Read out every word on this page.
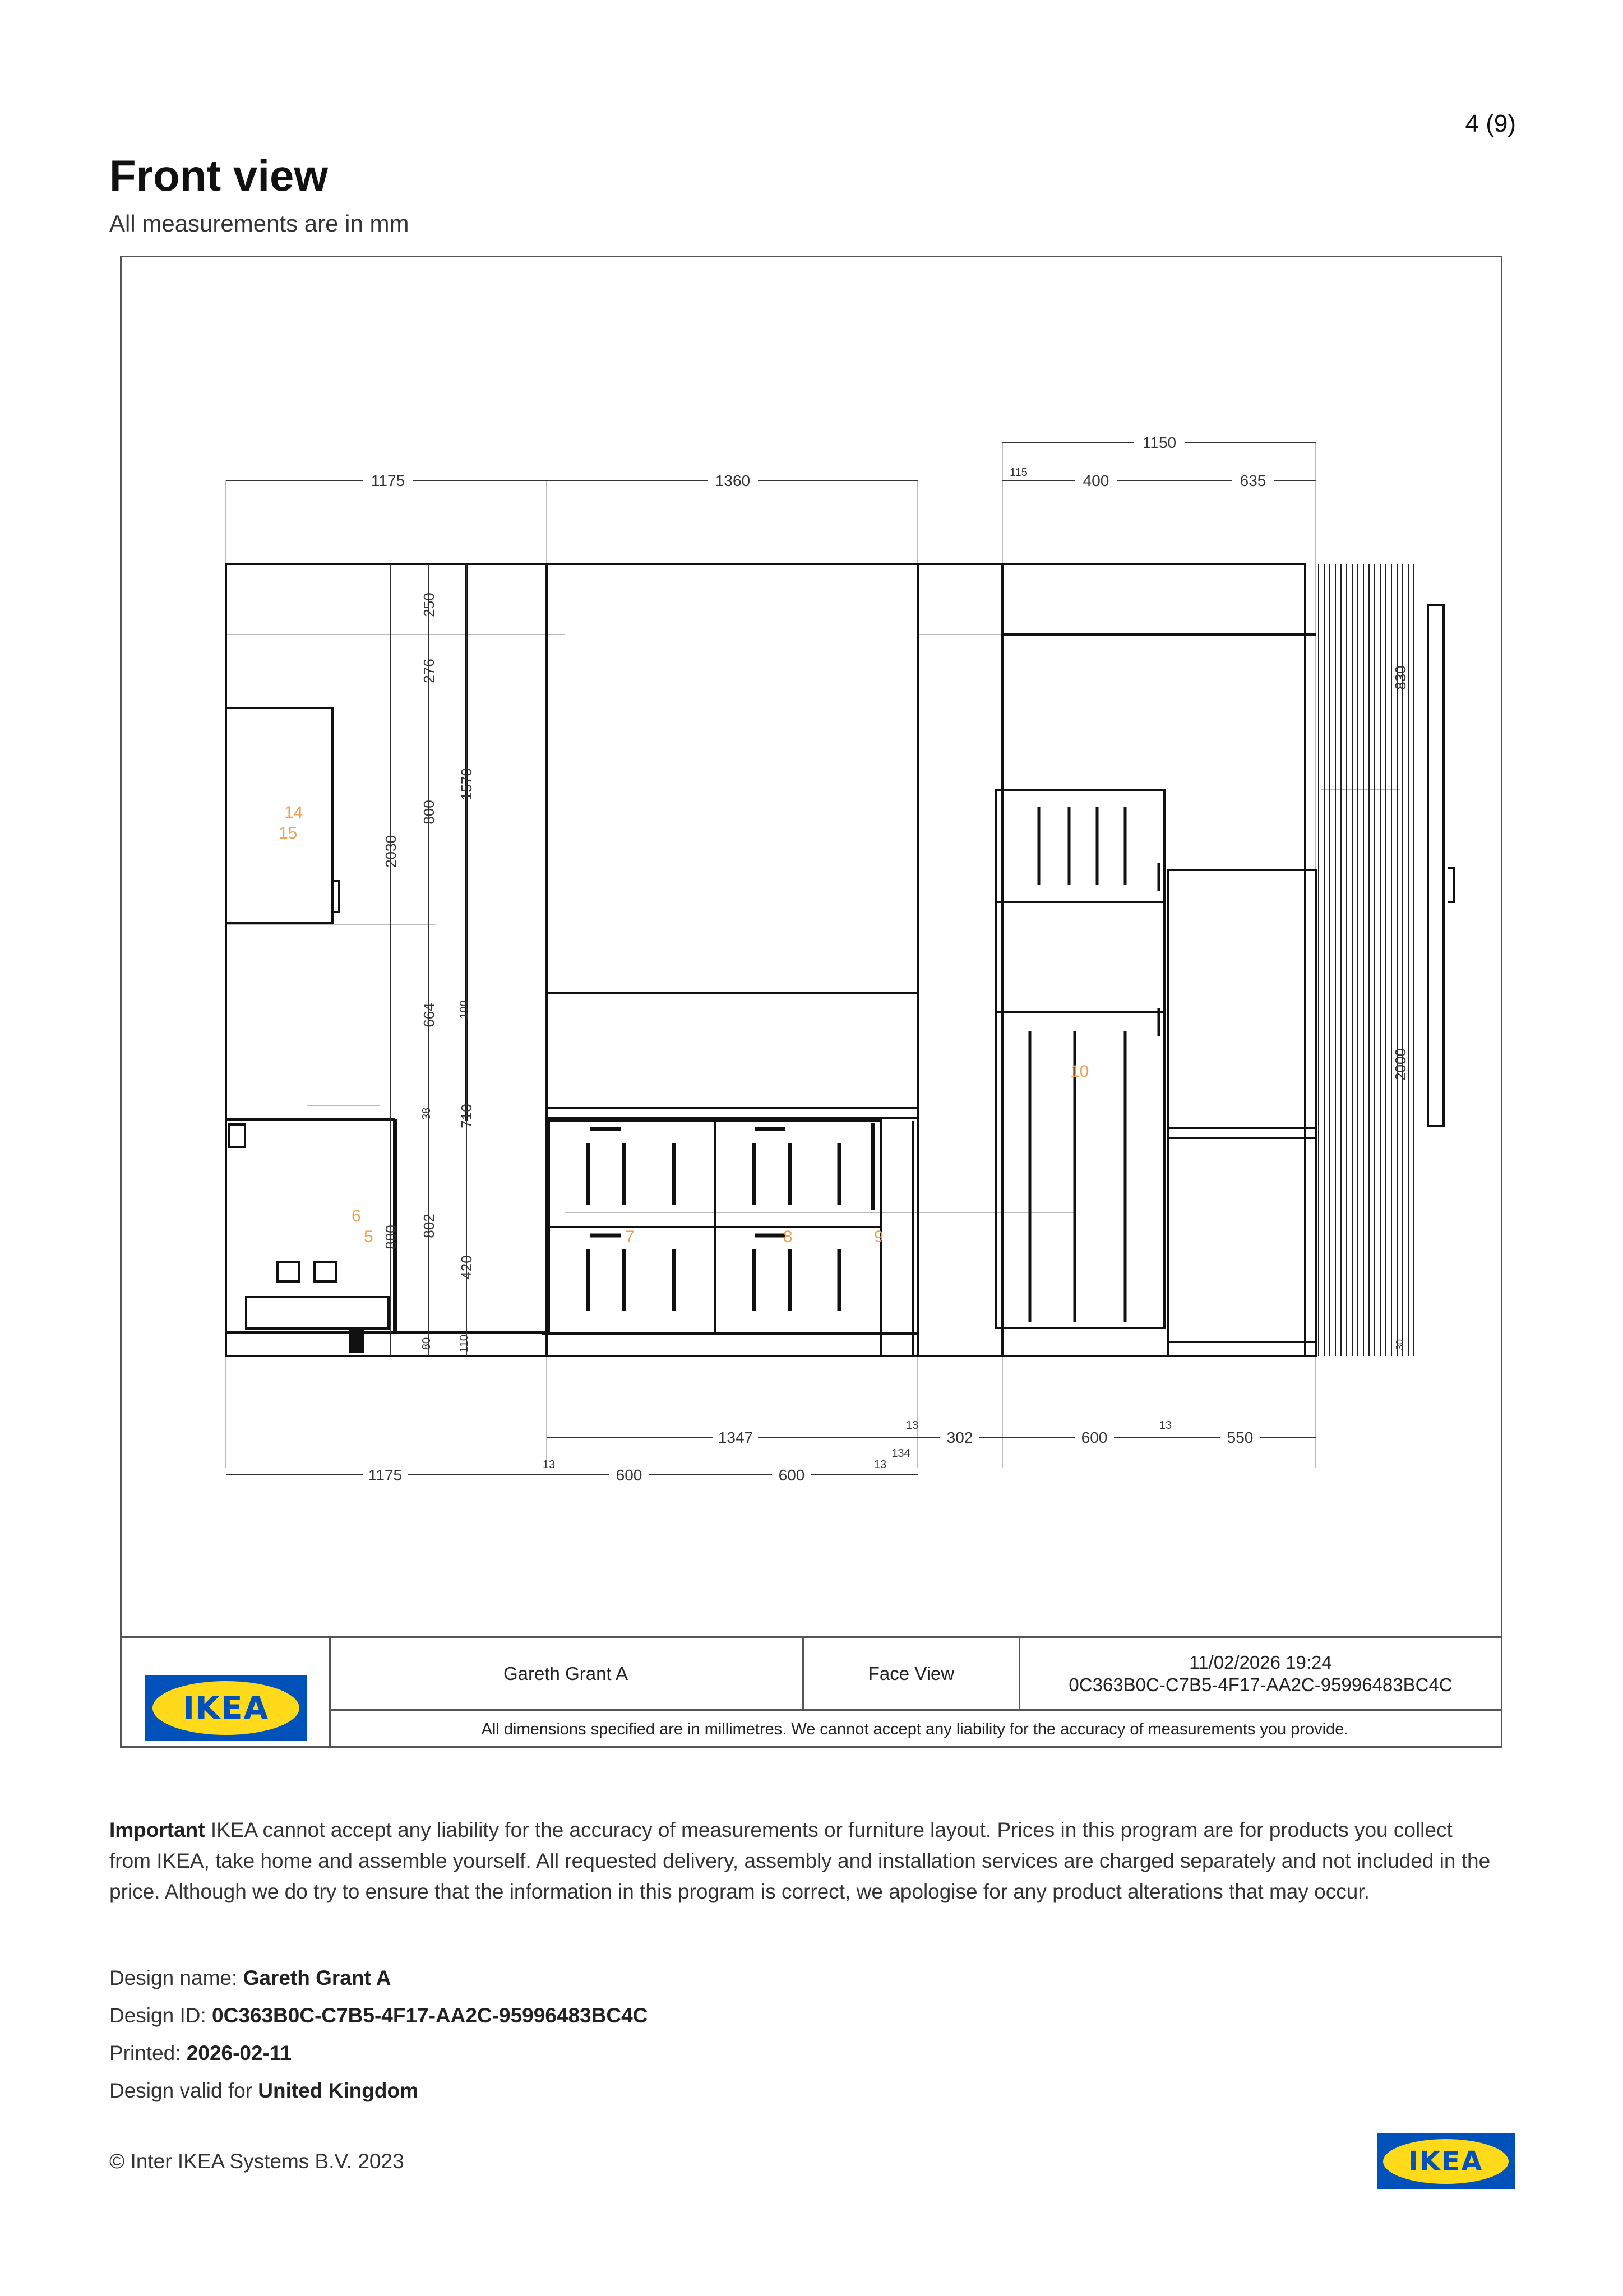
4 (9)
Front view
All measurements are in mm
1175	1360
1150
115	400	635
1347
13
302	600
13
550
1175
13
600	600
13
134
250
276
800
664
38
802
80
2030
1570
100
710
420
110
880
830
2000
30
14
15
6
5	7	8	9
10
IKEA
Gareth Grant A	Face View
11/02/2026 19:24
0C363B0C-C7B5-4F17-AA2C-95996483BC4C
All dimensions specified are in millimetres. We cannot accept any liability for the accuracy of measurements you provide.

Important IKEA cannot accept any liability for the accuracy of measurements or furniture layout. Prices in this program are for products you collect from IKEA, take home and assemble yourself. All requested delivery, assembly and installation services are charged separately and not included in the price. Although we do try to ensure that the information in this program is correct, we apologise for any product alterations that may occur.

Design name: Gareth Grant A
Design ID: 0C363B0C-C7B5-4F17-AA2C-95996483BC4C
Printed: 2026-02-11
Design valid for United Kingdom
© Inter IKEA Systems B.V. 2023	IKEA
